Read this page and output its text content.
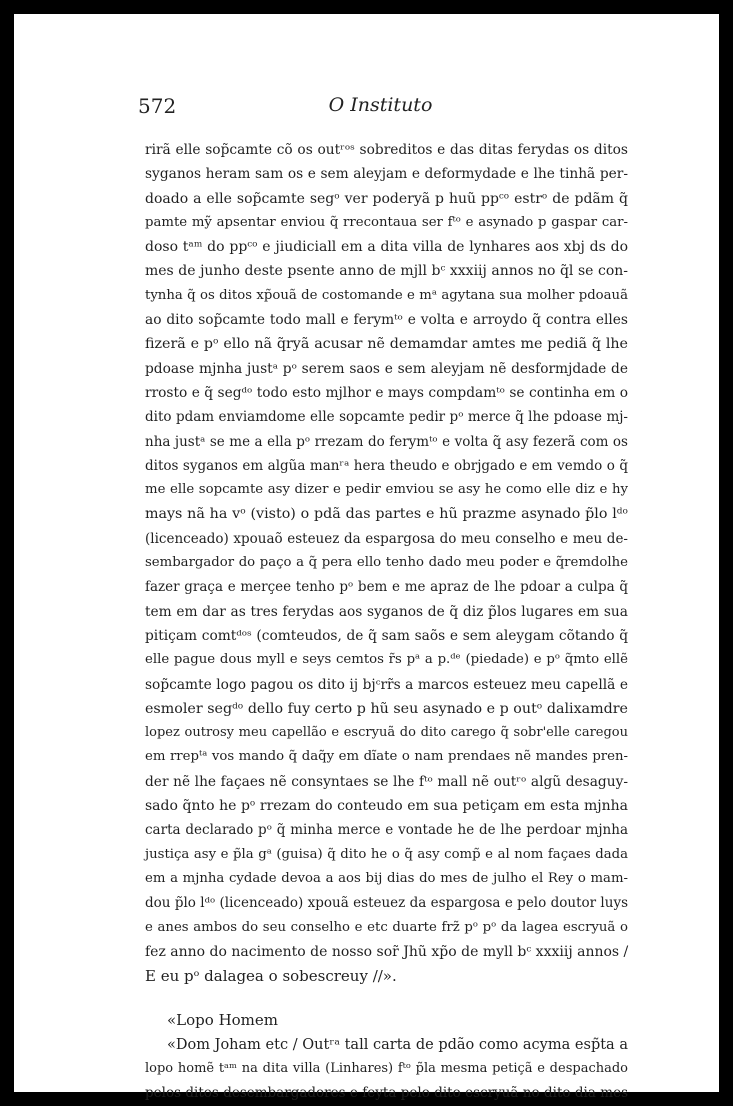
572	O Instituto
rirã elle sop̃camte cõ os outʳᵒˢ sobreditos e das ditas ferydas os ditos
syganos heram sam os e sem aleyjam e deformydade e lhe tinhã per-
doado a elle sop̃camte segᵒ ver poderyã p huũ ppᶜᵒ estrᵒ de pdãm q̃
pamte mỹ apsentar enviou q̃ rrecontaua ser fᵗᵒ e asynado p gaspar car-
doso tᵃᵐ do ppᶜᵒ e jiudiciall em a dita villa de lynhares aos xbj ds do
mes de junho deste psente anno de mjll bᶜ xxxiij annos no q̃l se con-
tynha q̃ os ditos xp̃ouã de costomande e mᵃ agytana sua molher pdoauã
ao dito sop̃camte todo mall e ferymᵗᵒ e volta e arroydo q̃ contra elles
fizerã e pᵒ ello nã q̃ryã acusar nẽ demamdar amtes me pediã q̃ lhe
pdoase mjnha justᵃ pᵒ serem saos e sem aleyjam nẽ desformjdade de
rrosto e q̃ segᵈᵒ todo esto mjlhor e mays compdamᵗᵒ se continha em o
dito pdam enviamdome elle sopcamte pedir pᵒ merce q̃ lhe pdoase mj-
nha justᵃ se me a ella pᵒ rrezam do ferymᵗᵒ e volta q̃ asy fezerã com os
ditos syganos em algũa manʳᵃ hera theudo e obrjgado e em vemdo o q̃
me elle sopcamte asy dizer e pedir emviou se asy he como elle diz e hy
mays nã ha vᵒ (visto) o pdã das partes e hũ prazme asynado p̃lo lᵈᵒ
(licenceado) xpouaõ esteuez da espargosa do meu conselho e meu de-
sembargador do paço a q̃ pera ello tenho dado meu poder e q̃remdolhe
fazer graça e merçee tenho pᵒ bem e me apraz de lhe pdoar a culpa q̃
tem em dar as tres ferydas aos syganos de q̃ diz p̃los lugares em sua
pitiçam comtᵈᵒˢ (comteudos, de q̃ sam saõs e sem aleygam cõtando q̃
elle pague dous myll e seys cemtos r̃s pᵃ a p.ᵈᵉ (piedade) e pᵒ q̃mto ellẽ
sop̃camte logo pagou os dito ij bjᶜrr̃s a marcos esteuez meu capellã e
esmoler segᵈᵒ dello fuy certo p hũ seu asynado e p outᵒ dalixamdre
lopez outrosy meu capellão e escryuã do dito carego q̃ sobr'elle caregou
em rrepᵗᵃ vos mando q̃ daq̃y em dĩate o nam prendaes nẽ mandes pren-
der nẽ lhe façaes nẽ consyntaes se lhe fᵗᵒ mall nẽ outʳᵒ algũ desaguy-
sado q̃nto he pᵒ rrezam do conteudo em sua petiçam em esta mjnha
carta declarado pᵒ q̃ minha merce e vontade he de lhe perdoar mjnha
justiça asy e p̃la gᵃ (guisa) q̃ dito he o q̃ asy comp̃ e al nom façaes dada
em a mjnha cydade devoa a aos bij dias do mes de julho el Rey o mam-
dou p̃lo lᵈᵒ (licenceado) xpouã esteuez da espargosa e pelo doutor luys
e anes ambos do seu conselho e etc duarte frz̃ pᵒ pᵒ da lagea escryuã o
fez anno do nacimento de nosso sor̃ Jhũ xp̃o de myll bᶜ xxxiij annos /
E eu pᵒ dalagea o sobescreuy //».
«Lopo Homem
«Dom Joham etc / Outʳᵃ tall carta de pdão como acyma esp̃ta a
lopo homẽ tᵃᵐ na dita villa (Linhares) fᵗᵒ p̃la mesma petiçã e despachado
pelos ditos desembargadores e feyta pelo dito escryuã no dito dia mes
